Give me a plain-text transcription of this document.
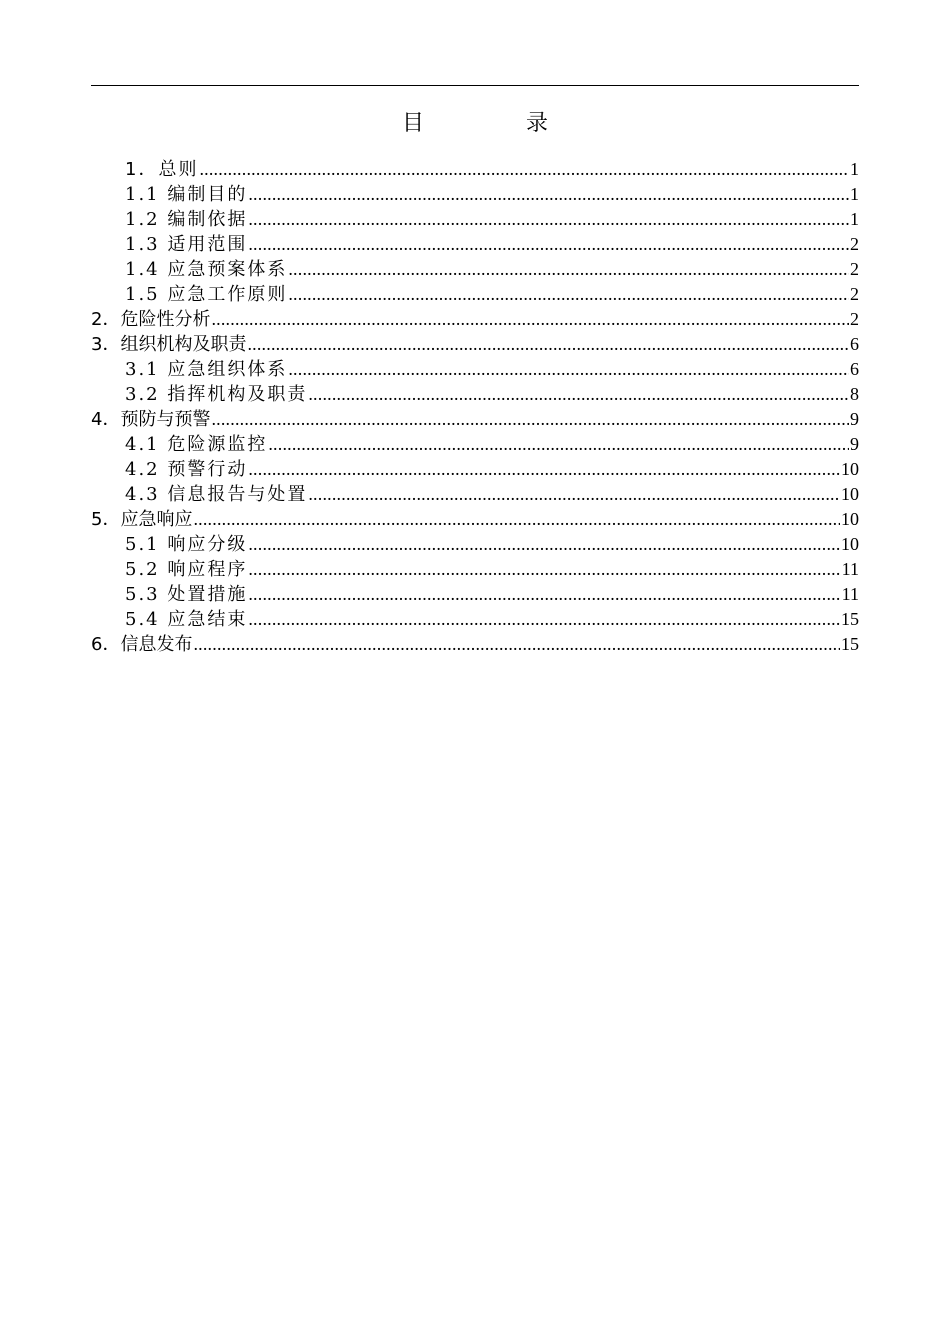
目　录
1．总则 .....	1
1.1 编制目的 .....	1
1.2 编制依据 .....	1
1.3 适用范围 .....	2
1.4 应急预案体系 .....	2
1.5 应急工作原则 .....	2
2．危险性分析 .....	2
3．组织机构及职责 .....	6
3.1 应急组织体系 .....	6
3.2 指挥机构及职责 .....	8
4．预防与预警 .....	9
4.1 危险源监控 .....	9
4.2 预警行动 .....	10
4.3 信息报告与处置 .....	10
5．应急响应 .....	10
5.1 响应分级 .....	10
5.2 响应程序 .....	11
5.3 处置措施 .....	11
5.4 应急结束 .....	15
6．信息发布 .....	15
